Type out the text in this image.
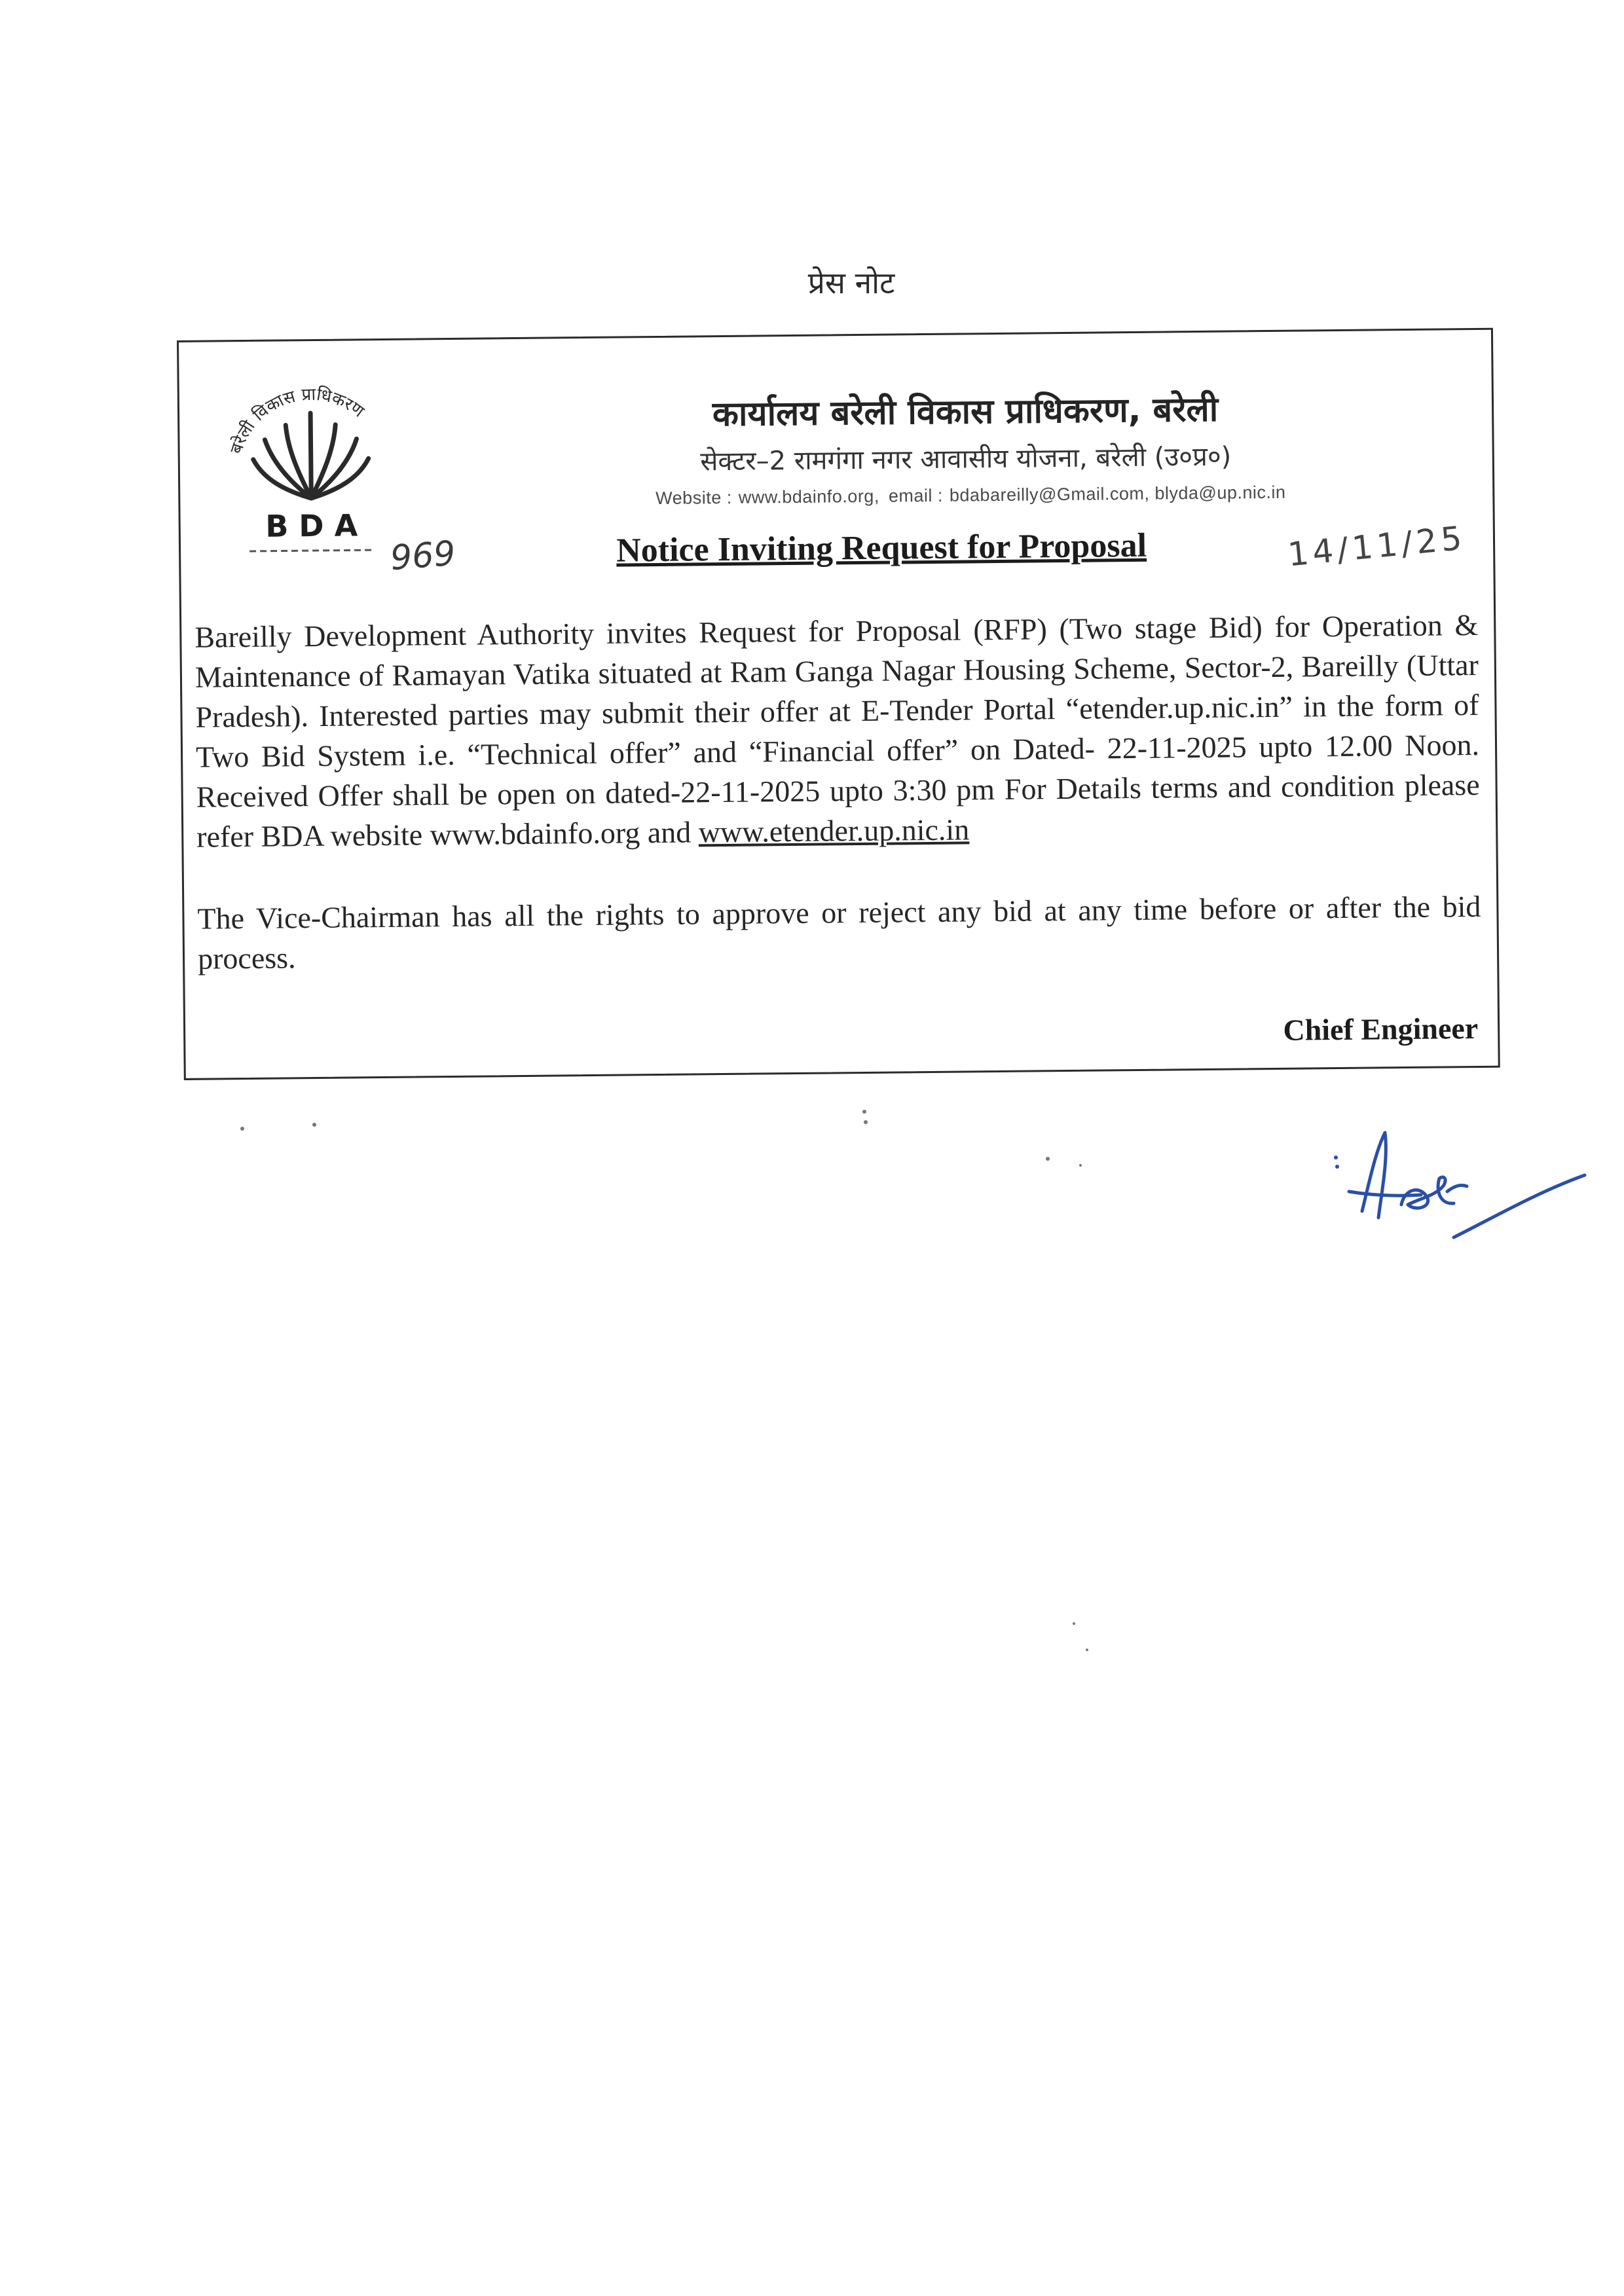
प्रेस नोट
बरेली विकास प्राधिकरण
B D A
कार्यालय बरेली विकास प्राधिकरण, बरेली
सेक्टर–2 रामगंगा नगर आवासीय योजना, बरेली (उ०प्र०)
Website : www.bdainfo.org, email : bdabareilly@Gmail.com, blyda@up.nic.in
969	Notice Inviting Request for Proposal	14/11/25
Bareilly Development Authority invites Request for Proposal (RFP) (Two stage Bid) for Operation & Maintenance of Ramayan Vatika situated at Ram Ganga Nagar Housing Scheme, Sector-2, Bareilly (Uttar Pradesh). Interested parties may submit their offer at E-Tender Portal “etender.up.nic.in” in the form of Two Bid System i.e. “Technical offer” and “Financial offer” on Dated- 22-11-2025 upto 12.00 Noon. Received Offer shall be open on dated-22-11-2025 upto 3:30 pm For Details terms and condition please refer BDA website www.bdainfo.org and www.etender.up.nic.in
The Vice-Chairman has all the rights to approve or reject any bid at any time before or after the bid process.
Chief Engineer
